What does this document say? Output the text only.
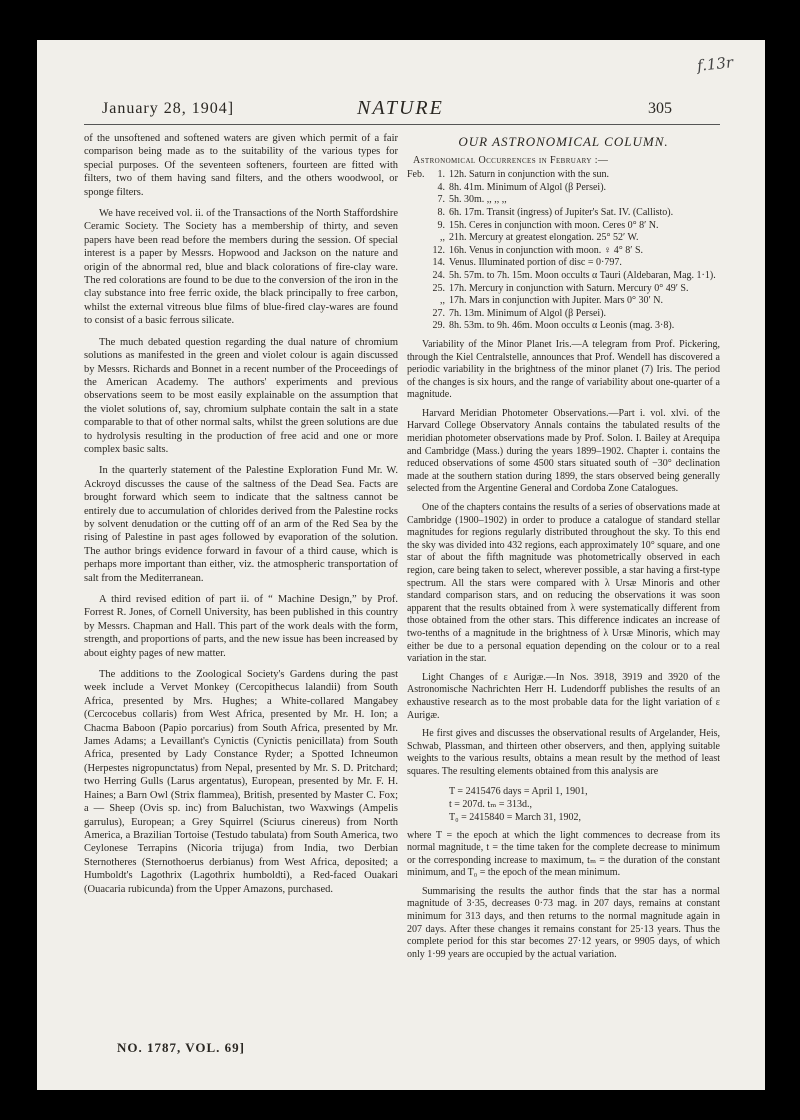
January 28, 1904]	NATURE	305

of the unsoftened and softened waters are given which permit of a fair comparison being made as to the suitability of the various types for special purposes. Of the seventeen softeners, fourteen are fitted with filters, two of them having sand filters, and the others woodwool, or sponge filters.

We have received vol. ii. of the Transactions of the North Staffordshire Ceramic Society. The Society has a membership of thirty, and seven papers have been read before the members during the session. Of special interest is a paper by Messrs. Hopwood and Jackson on the nature and origin of the abnormal red, blue and black colorations of fire-clay ware. The red colorations are found to be due to the conversion of the iron in the clay substance into free ferric oxide, the black principally to free carbon, whilst the external vitreous blue films of blue-fired clay-wares are found to consist of a basic ferrous silicate.

The much debated question regarding the dual nature of chromium solutions as manifested in the green and violet colour is again discussed by Messrs. Richards and Bonnet in a recent number of the Proceedings of the American Academy. The authors' experiments and previous observations seem to be most easily explainable on the assumption that the violet solutions of, say, chromium sulphate contain the salt in a state comparable to that of other normal salts, whilst the green solutions are due to hydrolysis resulting in the production of free acid and one or more complex basic salts.

In the quarterly statement of the Palestine Exploration Fund Mr. W. Ackroyd discusses the cause of the saltness of the Dead Sea. Facts are brought forward which seem to indicate that the saltness cannot be entirely due to accumulation of chlorides derived from the Palestine rocks by solvent denudation or the cutting off of an arm of the Red Sea by the rising of Palestine in past ages followed by evaporation of the solution. The author brings evidence forward in favour of a third cause, which is perhaps more important than either, viz. the atmospheric transportation of salt from the Mediterranean.

A third revised edition of part ii. of “ Machine Design,” by Prof. Forrest R. Jones, of Cornell University, has been published in this country by Messrs. Chapman and Hall. This part of the work deals with the form, strength, and proportions of parts, and the new issue has been increased by about eighty pages of new matter.

The additions to the Zoological Society's Gardens during the past week include a Vervet Monkey (Cercopithecus lalandii) from South Africa, presented by Mrs. Hughes; a White-collared Mangabey (Cercocebus collaris) from West Africa, presented by Mr. H. Ion; a Chacma Baboon (Papio porcarius) from South Africa, presented by Mr. James Adams; a Levaillant's Cynictis (Cynictis penicillata) from South Africa, presented by Lady Constance Ryder; a Spotted Ichneumon (Herpestes nigropunctatus) from Nepal, presented by Mr. S. D. Pritchard; two Herring Gulls (Larus argentatus), European, presented by Mr. F. H. Haines; a Barn Owl (Strix flammea), British, presented by Master C. Fox; a — Sheep (Ovis sp. inc) from Baluchistan, two Waxwings (Ampelis garrulus), European; a Grey Squirrel (Sciurus cinereus) from North America, a Brazilian Tortoise (Testudo tabulata) from South America, two Ceylonese Terrapins (Nicoria trijuga) from India, two Derbian Sternotheres (Sternothoerus derbianus) from West Africa, deposited; a Humboldt's Lagothrix (Lagothrix humboldti), a Red-faced Ouakari (Ouacaria rubicunda) from the Upper Amazons, purchased.

OUR ASTRONOMICAL COLUMN.
Astronomical Occurrences in February :—
Feb.	1. 12h. Saturn in conjunction with the sun.
4. 8h. 41m. Minimum of Algol (β Persei).
7. 5h. 30m. ,, ,, ,,
8. 6h. 17m. Transit (ingress) of Jupiter's Sat. IV. (Callisto).
9. 15h. Ceres in conjunction with moon. Ceres 0° 8′ N.
,, 21h. Mercury at greatest elongation. 25° 52′ W.
12. 16h. Venus in conjunction with moon. ♀ 4° 8′ S.
14. Venus. Illuminated portion of disc = 0·797.
24. 5h. 57m. to 7h. 15m. Moon occults α Tauri (Aldebaran, Mag. 1·1).
25. 17h. Mercury in conjunction with Saturn. Mercury 0° 49′ S.
,, 17h. Mars in conjunction with Jupiter. Mars 0° 30′ N.
27. 7h. 13m. Minimum of Algol (β Persei).
29. 8h. 53m. to 9h. 46m. Moon occults α Leonis (mag. 3·8).

Variability of the Minor Planet Iris.—A telegram from Prof. Pickering, through the Kiel Centralstelle, announces that Prof. Wendell has discovered a periodic variability in the brightness of the minor planet (7) Iris. The period of the changes is six hours, and the range of variability about one-quarter of a magnitude.

Harvard Meridian Photometer Observations.—Part i. vol. xlvi. of the Harvard College Observatory Annals contains the tabulated results of the meridian photometer observations made by Prof. Solon. I. Bailey at Arequipa and Cambridge (Mass.) during the years 1899–1902. Chapter i. contains the reduced observations of some 4500 stars situated south of −30° declination made at the southern station during 1899, the stars observed being generally selected from the Argentine General and Cordoba Zone Catalogues.

One of the chapters contains the results of a series of observations made at Cambridge (1900–1902) in order to produce a catalogue of standard stellar magnitudes for regions regularly distributed throughout the sky. To this end the sky was divided into 432 regions, each approximately 10° square, and one star of about the fifth magnitude was photometrically observed in each region, care being taken to select, wherever possible, a star having a first-type spectrum. All the stars were compared with λ Ursæ Minoris and other standard comparison stars, and on reducing the observations it was soon apparent that the results obtained from λ were systematically different from those obtained from the other stars. This difference indicates an increase of two-tenths of a magnitude in the brightness of λ Ursæ Minoris, which may either be due to a personal equation depending on the colour or to a real variation in the star.

Light Changes of ε Aurigæ.—In Nos. 3918, 3919 and 3920 of the Astronomische Nachrichten Herr H. Ludendorff publishes the results of an exhaustive research as to the most probable data for the light variation of ε Aurigæ.

He first gives and discusses the observational results of Argelander, Heis, Schwab, Plassman, and thirteen other observers, and then, applying suitable weights to the various results, obtains a mean result by the method of least squares. The resulting elements obtained from this analysis are

T = 2415476 days = April 1, 1901,
t = 207d. tₘ = 313d.,
T₀ = 2415840 = March 31, 1902,

where T = the epoch at which the light commences to decrease from its normal magnitude, t = the time taken for the complete decrease to minimum or the corresponding increase to maximum, tₘ = the duration of the constant minimum, and T₀ = the epoch of the mean minimum.

Summarising the results the author finds that the star has a normal magnitude of 3·35, decreases 0·73 mag. in 207 days, remains at constant minimum for 313 days, and then returns to the normal magnitude again in 207 days. After these changes it remains constant for 25·13 years. Thus the complete period for this star becomes 27·12 years, or 9905 days, of which only 1·99 years are occupied by the actual variation.

NO. 1787, VOL. 69]
f.13r
